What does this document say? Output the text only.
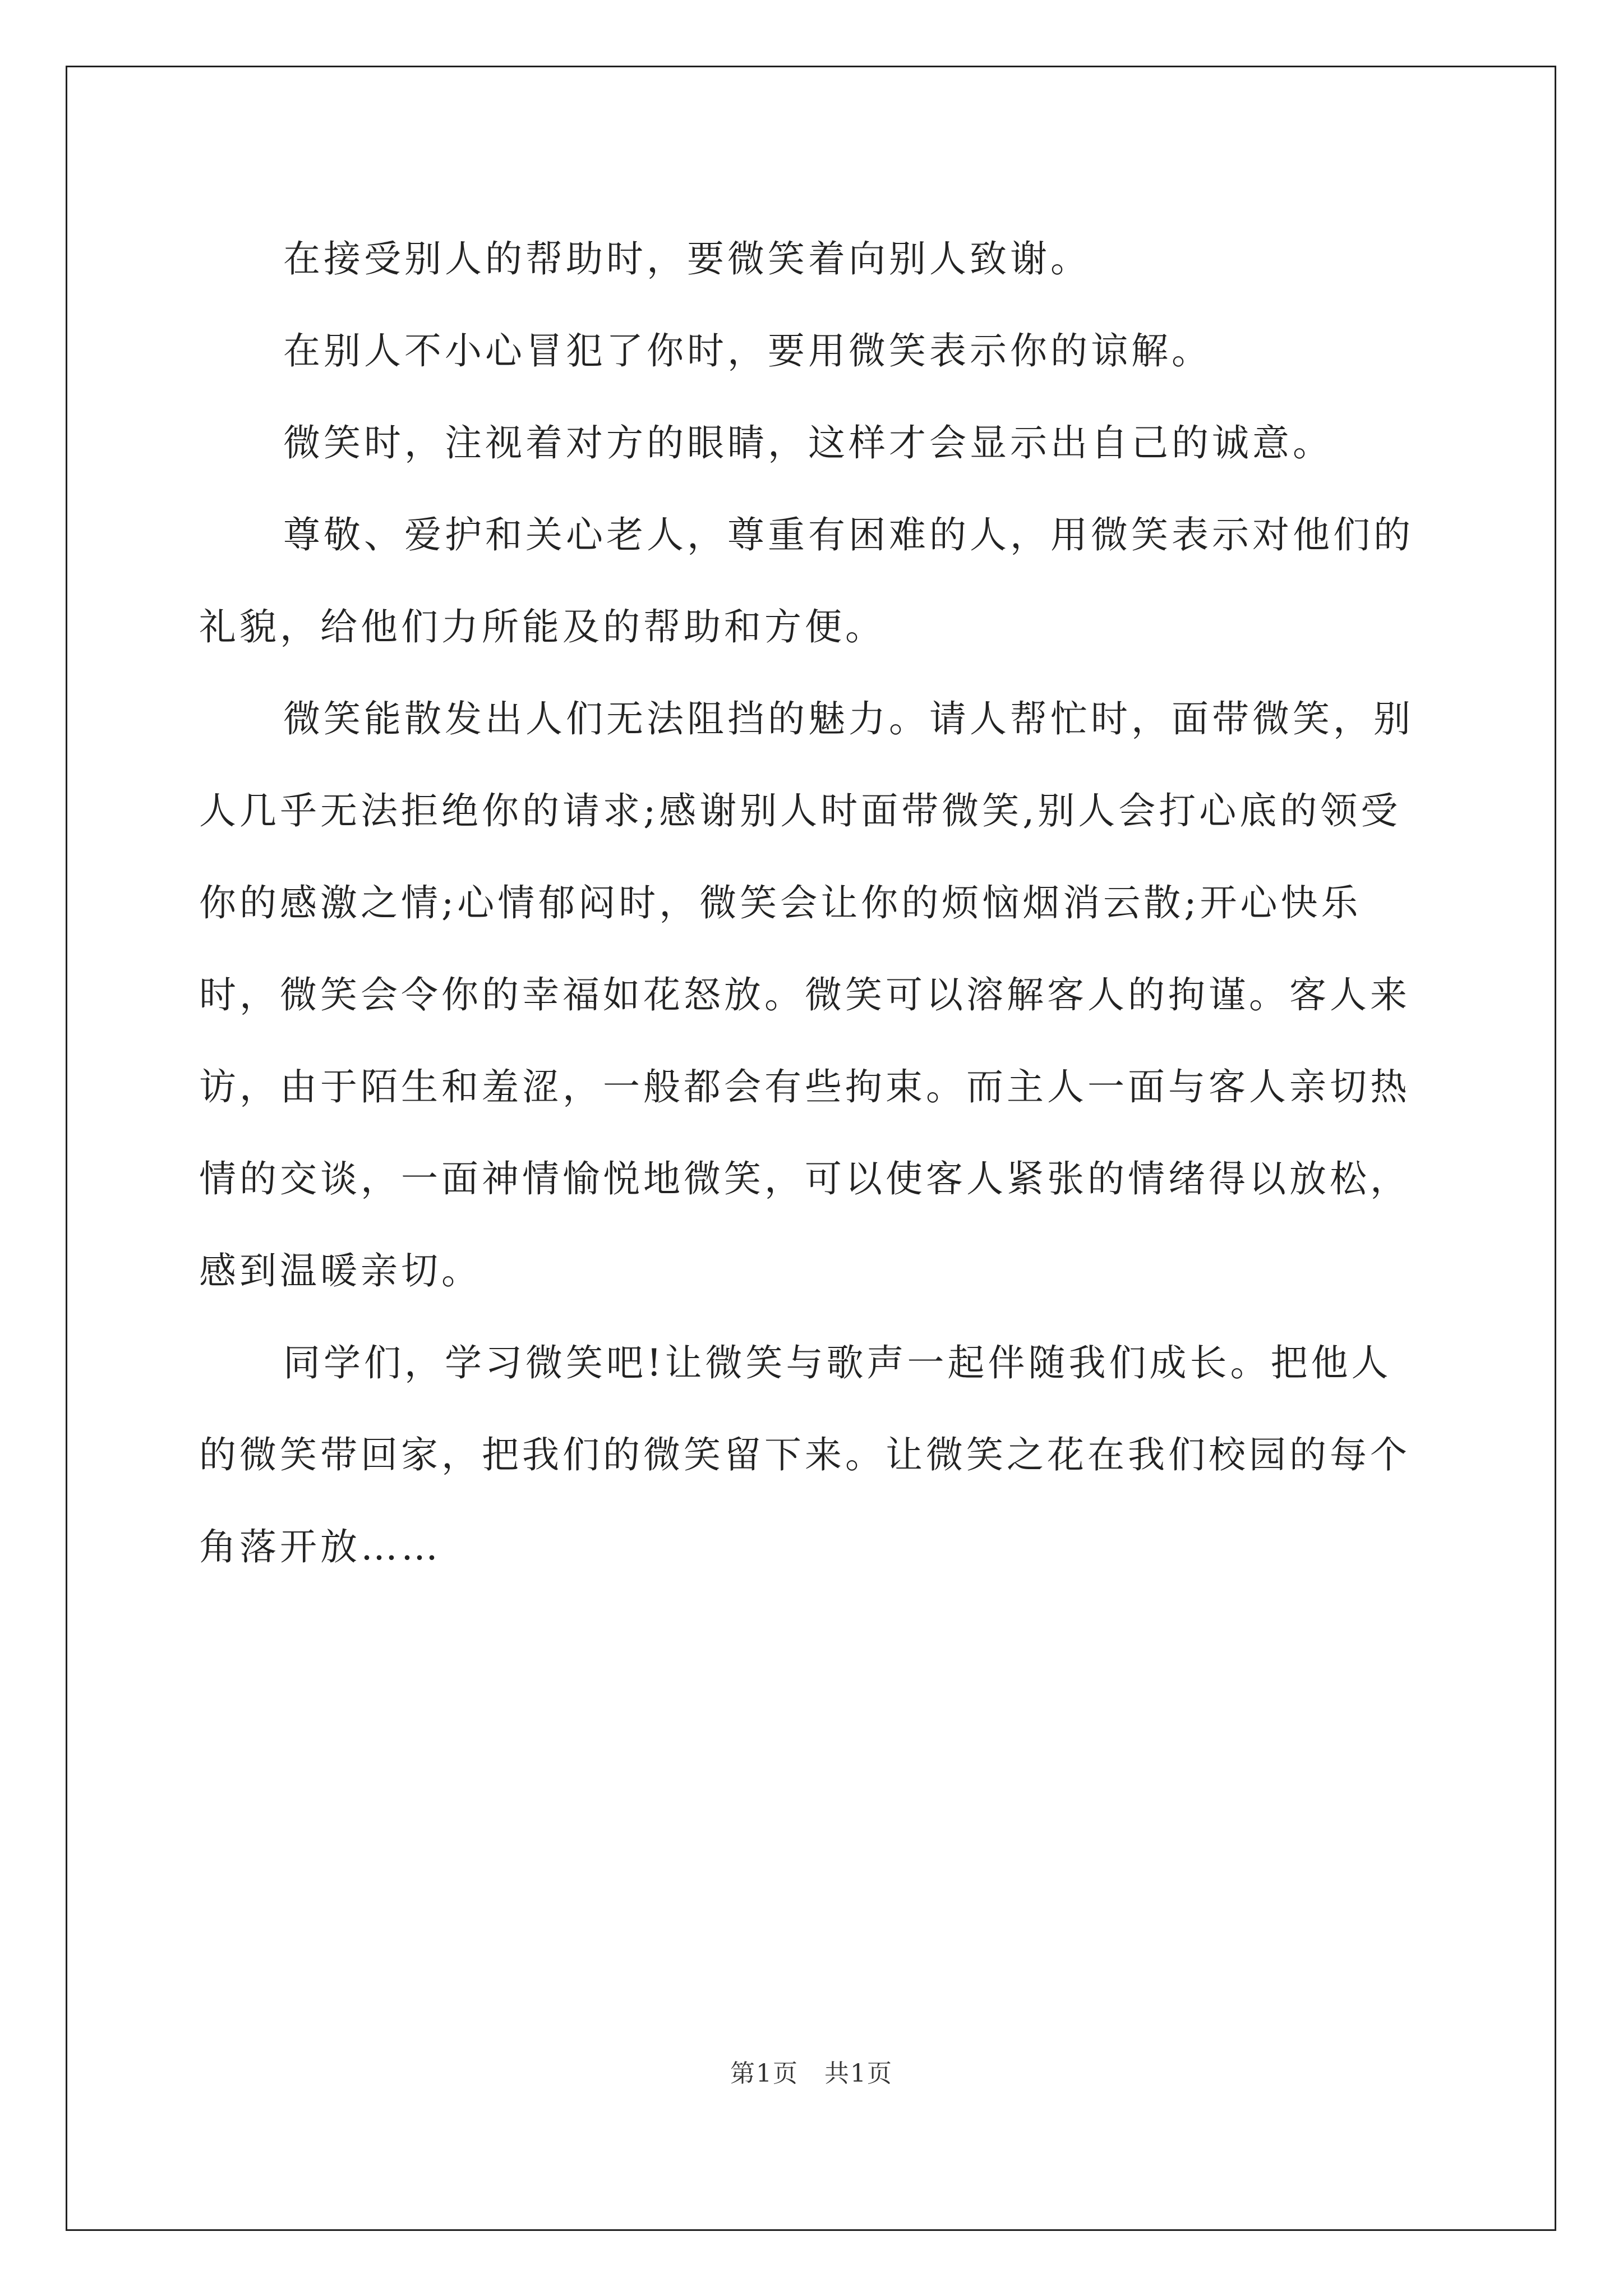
在接受别人的帮助时，要微笑着向别人致谢。

在别人不小心冒犯了你时，要用微笑表示你的谅解。

微笑时，注视着对方的眼睛，这样才会显示出自己的诚意。

尊敬、爱护和关心老人，尊重有困难的人，用微笑表示对他们的礼貌，给他们力所能及的帮助和方便。

微笑能散发出人们无法阻挡的魅力。请人帮忙时，面带微笑，别人几乎无法拒绝你的请求;感谢别人时面带微笑,别人会打心底的领受你的感激之情;心情郁闷时，微笑会让你的烦恼烟消云散;开心快乐时，微笑会令你的幸福如花怒放。微笑可以溶解客人的拘谨。客人来访，由于陌生和羞涩，一般都会有些拘束。而主人一面与客人亲切热情的交谈，一面神情愉悦地微笑，可以使客人紧张的情绪得以放松，感到温暖亲切。

同学们，学习微笑吧!让微笑与歌声一起伴随我们成长。把他人的微笑带回家，把我们的微笑留下来。让微笑之花在我们校园的每个角落开放……

第1页　共1页
